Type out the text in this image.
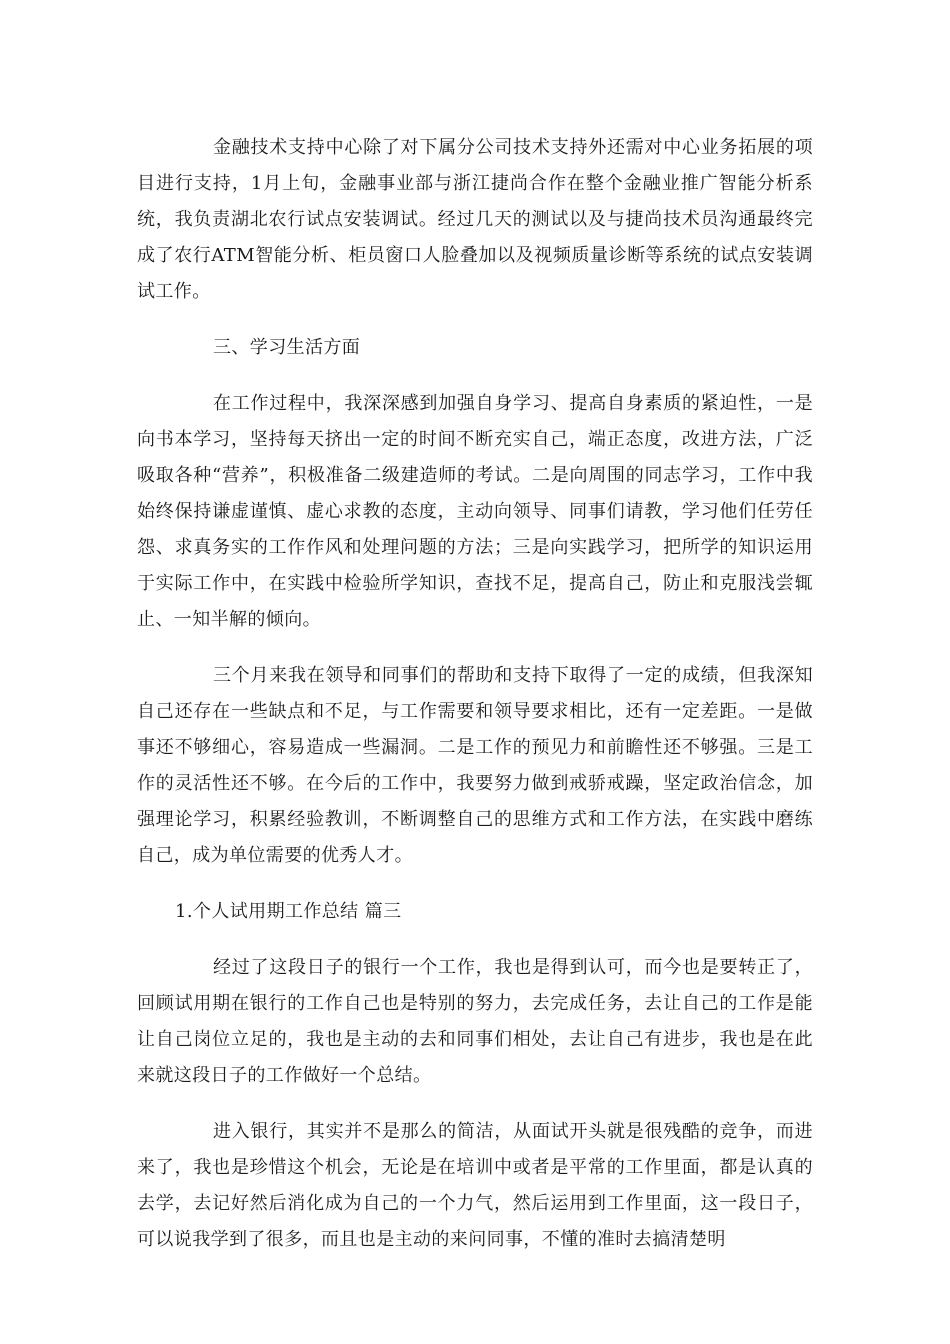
金融技术支持中心除了对下属分公司技术支持外还需对中心业务拓展的项目进行支持，1月上旬，金融事业部与浙江捷尚合作在整个金融业推广智能分析系统，我负责湖北农行试点安装调试。经过几天的测试以及与捷尚技术员沟通最终完成了农行ATM智能分析、柜员窗口人脸叠加以及视频质量诊断等系统的试点安装调试工作。

三、学习生活方面

在工作过程中，我深深感到加强自身学习、提高自身素质的紧迫性，一是向书本学习，坚持每天挤出一定的时间不断充实自己，端正态度，改进方法，广泛吸取各种“营养”，积极准备二级建造师的考试。二是向周围的同志学习，工作中我始终保持谦虚谨慎、虚心求教的态度，主动向领导、同事们请教，学习他们任劳任怨、求真务实的工作作风和处理问题的方法；三是向实践学习，把所学的知识运用于实际工作中，在实践中检验所学知识，查找不足，提高自己，防止和克服浅尝辄止、一知半解的倾向。

三个月来我在领导和同事们的帮助和支持下取得了一定的成绩，但我深知自己还存在一些缺点和不足，与工作需要和领导要求相比，还有一定差距。一是做事还不够细心，容易造成一些漏洞。二是工作的预见力和前瞻性还不够强。三是工作的灵活性还不够。在今后的工作中，我要努力做到戒骄戒躁，坚定政治信念，加强理论学习，积累经验教训，不断调整自己的思维方式和工作方法，在实践中磨练自己，成为单位需要的优秀人才。

1.个人试用期工作总结 篇三

经过了这段日子的银行一个工作，我也是得到认可，而今也是要转正了，回顾试用期在银行的工作自己也是特别的努力，去完成任务，去让自己的工作是能让自己岗位立足的，我也是主动的去和同事们相处，去让自己有进步，我也是在此来就这段日子的工作做好一个总结。

进入银行，其实并不是那么的简洁，从面试开头就是很残酷的竞争，而进来了，我也是珍惜这个机会，无论是在培训中或者是平常的工作里面，都是认真的去学，去记好然后消化成为自己的一个力气，然后运用到工作里面，这一段日子，可以说我学到了很多，而且也是主动的来问同事，不懂的准时去搞清楚明
